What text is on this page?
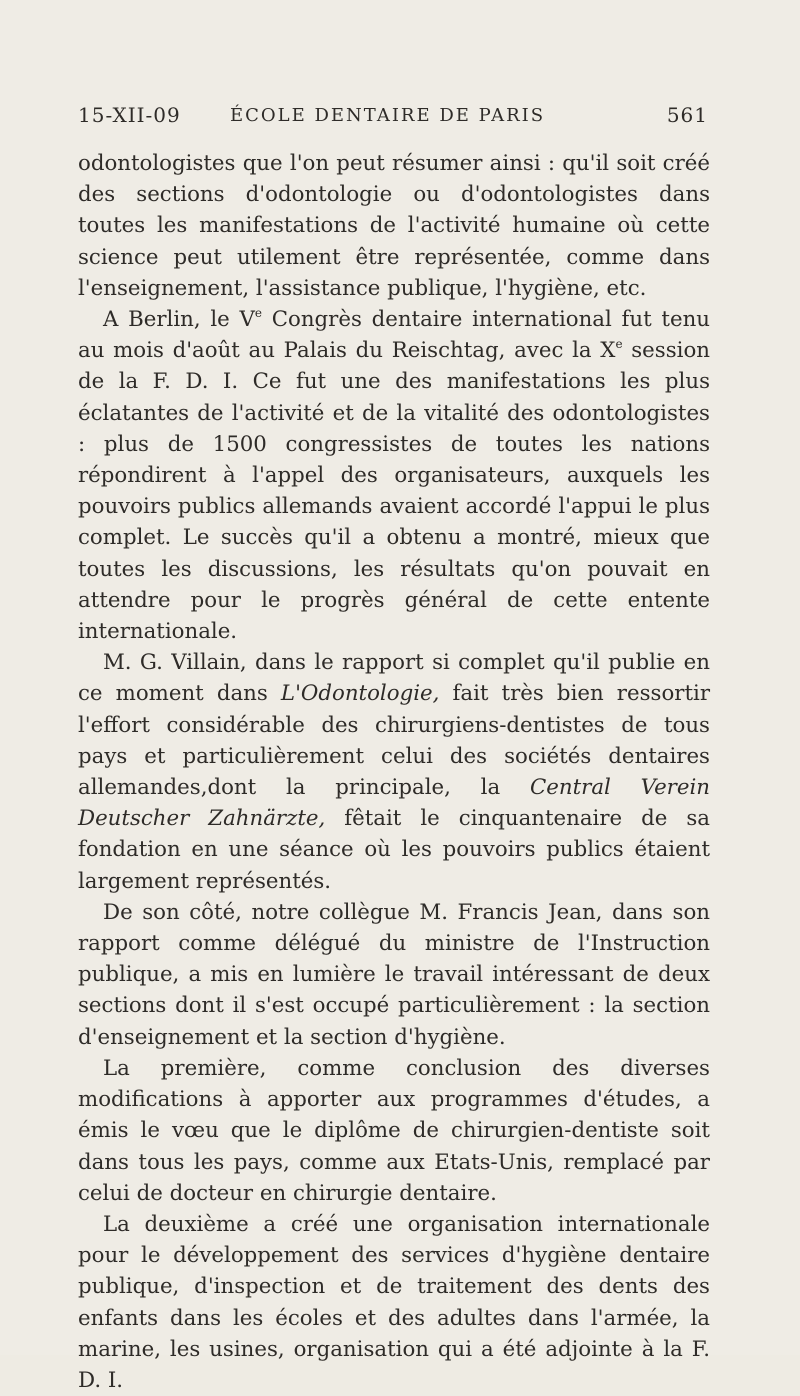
15-XII-09	ÉCOLE DENTAIRE DE PARIS	561

odontologistes que l'on peut résumer ainsi : qu'il soit créé des sections d'odontologie ou d'odontologistes dans toutes les manifestations de l'activité humaine où cette science peut utilement être représentée, comme dans l'enseignement, l'assistance publique, l'hygiène, etc.

A Berlin, le Ve Congrès dentaire international fut tenu au mois d'août au Palais du Reischtag, avec la Xe session de la F. D. I. Ce fut une des manifestations les plus éclatantes de l'activité et de la vitalité des odontologistes : plus de 1500 congressistes de toutes les nations répondirent à l'appel des organisateurs, auxquels les pouvoirs publics allemands avaient accordé l'appui le plus complet. Le succès qu'il a obtenu a montré, mieux que toutes les discussions, les résultats qu'on pouvait en attendre pour le progrès général de cette entente internationale.

M. G. Villain, dans le rapport si complet qu'il publie en ce moment dans L'Odontologie, fait très bien ressortir l'effort considérable des chirurgiens-dentistes de tous pays et particulièrement celui des sociétés dentaires allemandes,dont la principale, la Central Verein Deutscher Zahnärzte, fêtait le cinquantenaire de sa fondation en une séance où les pouvoirs publics étaient largement représentés.

De son côté, notre collègue M. Francis Jean, dans son rapport comme délégué du ministre de l'Instruction publique, a mis en lumière le travail intéressant de deux sections dont il s'est occupé particulièrement : la section d'enseignement et la section d'hygiène.

La première, comme conclusion des diverses modifications à apporter aux programmes d'études, a émis le vœu que le diplôme de chirurgien-dentiste soit dans tous les pays, comme aux Etats-Unis, remplacé par celui de docteur en chirurgie dentaire.

La deuxième a créé une organisation internationale pour le développement des services d'hygiène dentaire publique, d'inspection et de traitement des dents des enfants dans les écoles et des adultes dans l'armée, la marine, les usines, organisation qui a été adjointe à la F. D. I.
